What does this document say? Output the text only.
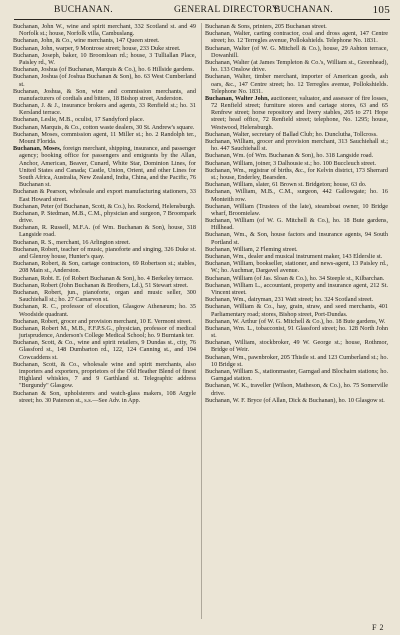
BUCHANAN.	GENERAL DIRECTORY.
BUCHANAN.	105

Buchanan, John W., wine and spirit merchant, 332 Scotland st. and 49 Norfolk st.; house, Norfolk villa, Cambuslang.

Buchanan, John, & Co., wine merchants, 147 Queen street.

Buchanan, John, warper, 9 Montrose street; house, 233 Duke street.

Buchanan, Joseph, baker, 10 Broomloan rd.; house, 3 Tulliallan Place, Paisley rd., W.

Buchanan, Joshua (of Buchanan, Marquis & Co.), ho. 6 Hillside gardens.

Buchanan, Joshua (of Joshua Buchanan & Son), ho. 63 West Cumberland st.

Buchanan, Joshua, & Son, wine and commission merchants, and manufacturers of cordials and bitters, 18 Bishop street, Anderston.

Buchanan, J. & J., insurance brokers and agents, 33 Renfield st.; ho. 31 Kersland terrace.

Buchanan, Leslie, M.B., oculist, 17 Sandyford place.

Buchanan, Marquis, & Co., cotton waste dealers, 30 St. Andrew's square.

Buchanan, Moses, commission agent, 11 Miller st.; ho. 2 Randolph ter., Mount Florida.

Buchanan, Moses, foreign merchant, shipping, insurance, and passenger agency; booking office for passengers and emigrants by the Allan, Anchor, American, Beaver, Cunard, White Star, Dominion Lines, for United States and Canada; Castle, Union, Orient, and other Lines for South Africa, Australia, New Zealand, India, China, and the Pacific, 76 Buchanan st.

Buchanan & Pearson, wholesale and export manufacturing stationers, 33 East Howard street.

Buchanan, Peter (of Buchanan, Scott, & Co.), ho. Rockend, Helensburgh.

Buchanan, P. Stedman, M.B., C.M., physician and surgeon, 7 Broompark drive.

Buchanan, R. Russell, M.F.A. (of Wm. Buchanan & Son), house, 318 Langside road.

Buchanan, R. S., merchant, 16 Arlington street.

Buchanan, Robert, teacher of music, pianoforte and singing, 326 Duke st. and Glenroy house, Hunter's quay.

Buchanan, Robert, & Son, cartage contractors, 69 Robertson st.; stables, 208 Main st., Anderston.

Buchanan, Robt. E. (of Robert Buchanan & Son), ho. 4 Berkeley terrace.

Buchanan, Robert (John Buchanan & Brothers, Ld.), 51 Stewart street.

Buchanan, Robert, jun., pianoforte, organ and music seller, 300 Sauchiehall st.; ho. 27 Carnarvon st.

Buchanan, R. C., professor of elocution, Glasgow Athenæum; ho. 35 Woodside quadrant.

Buchanan, Robert, grocer and provision merchant, 10 E. Vermont street.

Buchanan, Robert M., M.B., F.F.P.S.G., physician, professor of medical jurisprudence, Anderson's College Medical School; ho. 9 Burntank ter.

Buchanan, Scott, & Co., wine and spirit retailers, 9 Dundas st., city, 76 Glassford st., 148 Dumbarton rd., 122, 124 Canning st., and 194 Cowcaddens st.

Buchanan, Scott, & Co., wholesale wine and spirit merchants, also importers and exporters, proprietors of the Old Heather Blend of finest Highland whiskies, 7 and 9 Garthland st. Telegraphic address "Burgundy" Glasgow.

Buchanan & Son, upholsterers and watch-glass makers, 108 Argyle street; ho. 30 Paterson st., s.s.—See Adv. in App.

Buchanan & Sons, printers, 205 Buchanan street.

Buchanan, Walter, carting contractor, coal and dross agent, 147 Centre street; ho. 12 Terregles avenue, Pollokshields. Telephone No. 1831.

Buchanan, Walter (of W. G. Mitchell & Co.), house, 29 Ashton terrace, Dowanhill.

Buchanan, Walter (at James Templeton & Co.'s, William st., Greenhead), ho. 133 Onslow drive.

Buchanan, Walter, timber merchant, importer of American goods, ash oars, &c., 147 Centre street; ho. 12 Terregles avenue, Pollokshields. Telephone No. 1831.

Buchanan, Walter John, auctioneer, valuator, and assessor of fire losses, 72 Renfield street; furniture stores and cartage stores, 63 and 65 Renfrew street; horse repository and livery stables, 265 to 271 Hope street; head office, 72 Renfield street; telephone, No. 1295; house, Westwood, Helensburgh.

Buchanan, Walter, secretary of Ballad Club; ho. Dunclutha, Tollcross.

Buchanan, William, grocer and provision merchant, 313 Sauchiehall st.; ho. 447 Sauchiehall st.

Buchanan, Wm. (of Wm. Buchanan & Son), ho. 318 Langside road.

Buchanan, William, joiner, 3 Dalhousie st.; ho. 100 Buccleuch street.

Buchanan, Wm., registrar of births, &c., for Kelvin district, 173 Sherrard st.; house, Enderley, Bearsden.

Buchanan, William, slater, 61 Brown st. Bridgeton; house, 63 do.

Buchanan, William, M.B., C.M., surgeon, 442 Gallowgate; ho. 16 Monteith row.

Buchanan, William (Trustees of the late), steamboat owner, 10 Bridge wharf, Broomielaw.

Buchanan, William (of W. G. Mitchell & Co.), ho. 18 Bute gardens, Hillhead.

Buchanan, Wm., & Son, house factors and insurance agents, 94 South Portland st.

Buchanan, William, 2 Fleming street.

Buchanan, Wm., dealer and musical instrument maker, 143 Elderslie st.

Buchanan, William, bookseller, stationer, and news-agent, 13 Paisley rd., W.; ho. Auchmar, Dargavel avenue.

Buchanan, William (of Jas. Sloan & Co.), ho. 34 Steeple st., Kilbarchan.

Buchanan, William L., accountant, property and insurance agent, 212 St. Vincent street.

Buchanan, Wm., dairyman, 231 Watt street; ho. 324 Scotland street.

Buchanan, William & Co., hay, grain, straw, and seed merchants, 401 Parliamentary road; stores, Bishop street, Port-Dundas.

Buchanan, W. Arthur (of W. G. Mitchell & Co.), ho. 18 Bute gardens, W.

Buchanan, Wm. L., tobacconist, 91 Glassford street; ho. 128 North John st.

Buchanan, William, stockbroker, 49 W. George st.; house, Rothmor, Bridge of Weir.

Buchanan, Wm., pawnbroker, 205 Thistle st. and 123 Cumberland st.; ho. 10 Bridge st.

Buchanan, William S., stationmaster, Garngad and Blochairn stations; ho. Garngad station.

Buchanan, W. K., traveller (Wilson, Matheson, & Co.), ho. 75 Somerville drive.

Buchanan, W. F. Bryce (of Allan, Dick & Buchanan), ho. 10 Glasgow st.

F 2
